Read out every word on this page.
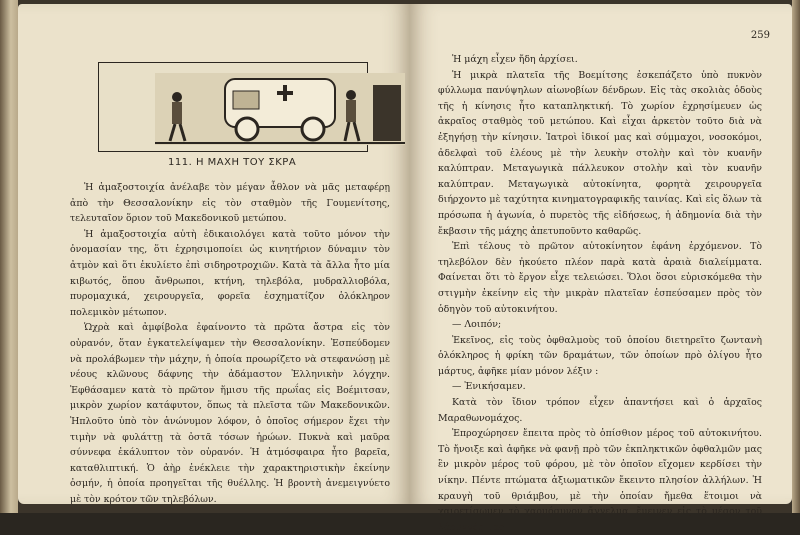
111. Η ΜΑΧΗ ΤΟΥ ΣΚΡΑ

Ἡ ἁμαξοστοιχία ἀνέλαβε τὸν μέγαν ἆθλον νὰ μᾶς μεταφέρῃ ἀπὸ τὴν Θεσσαλονίκην εἰς τὸν σταθμὸν τῆς Γουμενίτσης, τελευταῖον ὅριον τοῦ Μακεδονικοῦ μετώπου.

Ἡ ἁμαξοστοιχία αὐτὴ ἐδικαιολόγει κατὰ τοῦτο μόνον τὴν ὀνομασίαν της, ὅτι ἐχρησιμοποίει ὡς κινητήριον δύναμιν τὸν ἀτμὸν καὶ ὅτι ἐκυλίετο ἐπὶ σιδηροτροχιῶν. Κατὰ τὰ ἄλλα ἦτο μία κιβωτός, ὅπου ἄνθρωποι, κτήνη, τηλεβόλα, μυδραλλιοβόλα, πυρομαχικά, χειρουργεῖα, φορεῖα ἐσχηματίζον ὁλόκληρον πολεμικὸν μέτωπον.

Ὡχρὰ καὶ ἀμφίβολα ἐφαίνοντο τὰ πρῶτα ἄστρα εἰς τὸν οὐρανόν, ὅταν ἐγκατελείψαμεν τὴν Θεσσαλονίκην. Ἐσπεύδομεν νὰ προλάβωμεν τὴν μάχην, ἡ ὁποία προωρίζετο νὰ στεφανώσῃ μὲ νέους κλῶνους δάφνης τὴν ἀδάμαστον Ἑλληνικὴν λόγχην. Ἐφθάσαμεν κατὰ τὸ πρῶτον ἥμισυ τῆς πρωΐας εἰς Βοέμιτσαν, μικρὸν χωρίον κατάφυτον, ὅπως τὰ πλεῖστα τῶν Μακεδονικῶν. Ἠπλοῦτο ὑπὸ τὸν ἀνώνυμον λόφον, ὁ ὁποῖος σήμερον ἔχει τὴν τιμὴν νὰ φυλάττῃ τὰ ὀστᾶ τόσων ἡρώων. Πυκνὰ καὶ μαῦρα σύννεφα ἐκάλυπτον τὸν οὐρανόν. Ἡ ἀτμόσφαιρα ἦτο βαρεῖα, καταθλιπτική. Ὁ ἀὴρ ἐνέκλειε τὴν χαρακτηριστικὴν ἐκείνην ὀσμήν, ἡ ὁποία προηγεῖται τῆς θυέλλης. Ἡ βροντὴ ἀνεμειγνύετο μὲ τὸν κρότον τῶν τηλεβόλων.

259

Ἡ μάχη εἶχεν ἤδη ἀρχίσει.

Ἡ μικρὰ πλατεῖα τῆς Βοεμίτσης ἐσκεπάζετο ὑπὸ πυκνὸν φύλλωμα πανύψηλων αἰωνοβίων δένδρων. Εἰς τὰς σκολιὰς ὁδοὺς τῆς ἡ κίνησις ἦτο καταπληκτική. Τὸ χωρίον ἐχρησίμευεν ὡς ἀκραῖος σταθμὸς τοῦ μετώπου. Καὶ εἶχαι ἀρκετὸν τοῦτο διὰ νὰ ἐξηγήσῃ τὴν κίνησιν. Ἰατροὶ ἰδικοί μας καὶ σύμμαχοι, νοσοκόμοι, ἀδελφαὶ τοῦ ἐλέους μὲ τὴν λευκὴν στολὴν καὶ τὸν κυανῆν καλύπτραν. Μεταγωγικὰ πάλλευκον στολὴν καὶ τὸν κυανῆν καλύπτραν. Μεταγωγικὰ αὐτοκίνητα, φορητὰ χειρουργεῖα διήρχοντο μὲ ταχύτητα κινηματογραφικῆς ταινίας. Καὶ εἰς ὅλων τὰ πρόσωπα ἡ ἀγωνία, ὁ πυρετὸς τῆς εἰδήσεως, ἡ ἀδημονία διὰ τὴν ἔκβασιν τῆς μάχης ἀπετυποῦντο καθαρῶς.

Ἐπὶ τέλους τὸ πρῶτον αὐτοκίνητον ἐφάνη ἐρχόμενον. Τὸ τηλεβόλον δὲν ἠκούετο πλέον παρὰ κατὰ ἀραιὰ διαλείμματα. Φαίνεται ὅτι τὸ ἔργον εἶχε τελειώσει. Ὅλοι ὅσοι εὑρισκόμεθα τὴν στιγμὴν ἐκείνην εἰς τὴν μικρὰν πλατεῖαν ἐσπεύσαμεν πρὸς τὸν ὁδηγὸν τοῦ αὐτοκινήτου.

— Λοιπόν;

Ἐκεῖνος, εἰς τοὺς ὀφθαλμοὺς τοῦ ὁποίου διετηρεῖτο ζωντανὴ ὁλόκληρος ἡ φρίκη τῶν δραμάτων, τῶν ὁποίων πρὸ ὀλίγου ἦτο μάρτυς, ἀφῆκε μίαν μόνον λέξιν :

— Ἐνικήσαμεν.

Κατὰ τὸν ἴδιον τρόπον εἶχεν ἀπαντήσει καὶ ὁ ἀρχαῖος Μαραθωνομάχος.

Ἐπροχώρησεν ἔπειτα πρὸς τὸ ὀπίσθιον μέρος τοῦ αὐτοκινήτου. Τὸ ἤνοιξε καὶ ἀφῆκε νὰ φανῇ πρὸ τῶν ἐκπληκτικῶν ὀφθαλμῶν μας ἓν μικρὸν μέρος τοῦ φόρου, μὲ τὸν ὁποῖον εἴχομεν κερδίσει τὴν νίκην. Πέντε πτώματα ἀξιωματικῶν ἔκειντο πλησίον ἀλλήλων. Ἡ κραυγὴ τοῦ θριάμβου, μὲ τὴν ὁποίαν ἤμεθα ἕτοιμοι νὰ χαιρετίσωμεν τὸ χαρμόσυνον ἄγγελμα, ἔμεινεν εἰς τὸ μέσον τοῦ λάρυγγός μας.
